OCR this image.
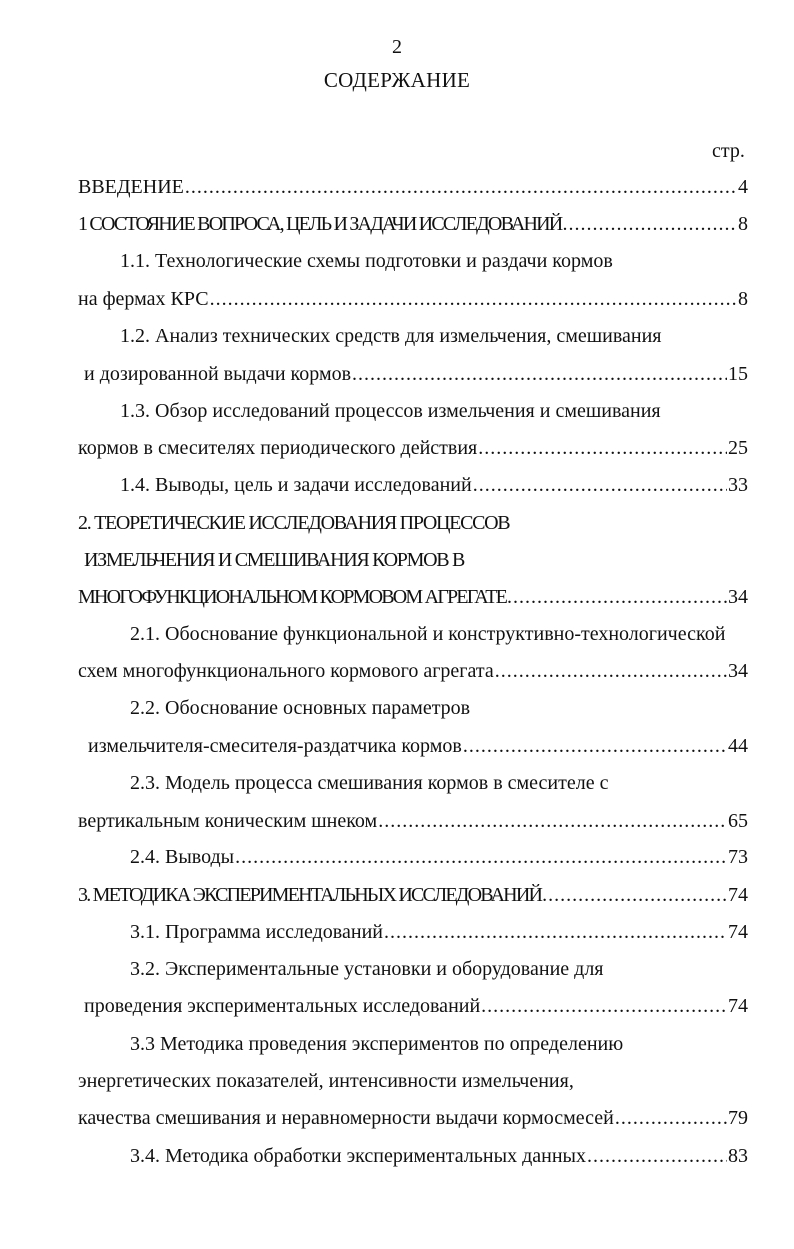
2
СОДЕРЖАНИЕ
стр.
ВВЕДЕНИЕ .....	4
1 СОСТОЯНИЕ ВОПРОСА, ЦЕЛЬ И ЗАДАЧИ ИССЛЕДОВАНИЙ .....	8
1.1. Технологические схемы подготовки и раздачи кормов
на фермах КРС .....	8
1.2. Анализ технических средств для измельчения, смешивания
и дозированной выдачи кормов .....	15
1.3. Обзор исследований процессов измельчения и смешивания
кормов в смесителях периодического действия .....	25
1.4. Выводы, цель и задачи исследований .....	33
2. ТЕОРЕТИЧЕСКИЕ ИССЛЕДОВАНИЯ ПРОЦЕССОВ
ИЗМЕЛЬЧЕНИЯ И СМЕШИВАНИЯ КОРМОВ В
МНОГОФУНКЦИОНАЛЬНОМ КОРМОВОМ АГРЕГАТЕ .....	34
2.1. Обоснование функциональной и конструктивно-технологической
схем многофункционального кормового агрегата .....	34
2.2. Обоснование основных параметров
измельчителя-смесителя-раздатчика кормов .....	44
2.3. Модель процесса смешивания кормов в смесителе с
вертикальным коническим шнеком .....	65
2.4. Выводы .....	73
3. МЕТОДИКА ЭКСПЕРИМЕНТАЛЬНЫХ ИССЛЕДОВАНИЙ .....	74
3.1. Программа исследований .....	74
3.2. Экспериментальные установки и оборудование для
проведения экспериментальных исследований .....	74
3.3 Методика проведения экспериментов по определению
энергетических показателей, интенсивности измельчения,
качества смешивания и неравномерности выдачи кормосмесей .....	79
3.4. Методика обработки экспериментальных данных .....	83
